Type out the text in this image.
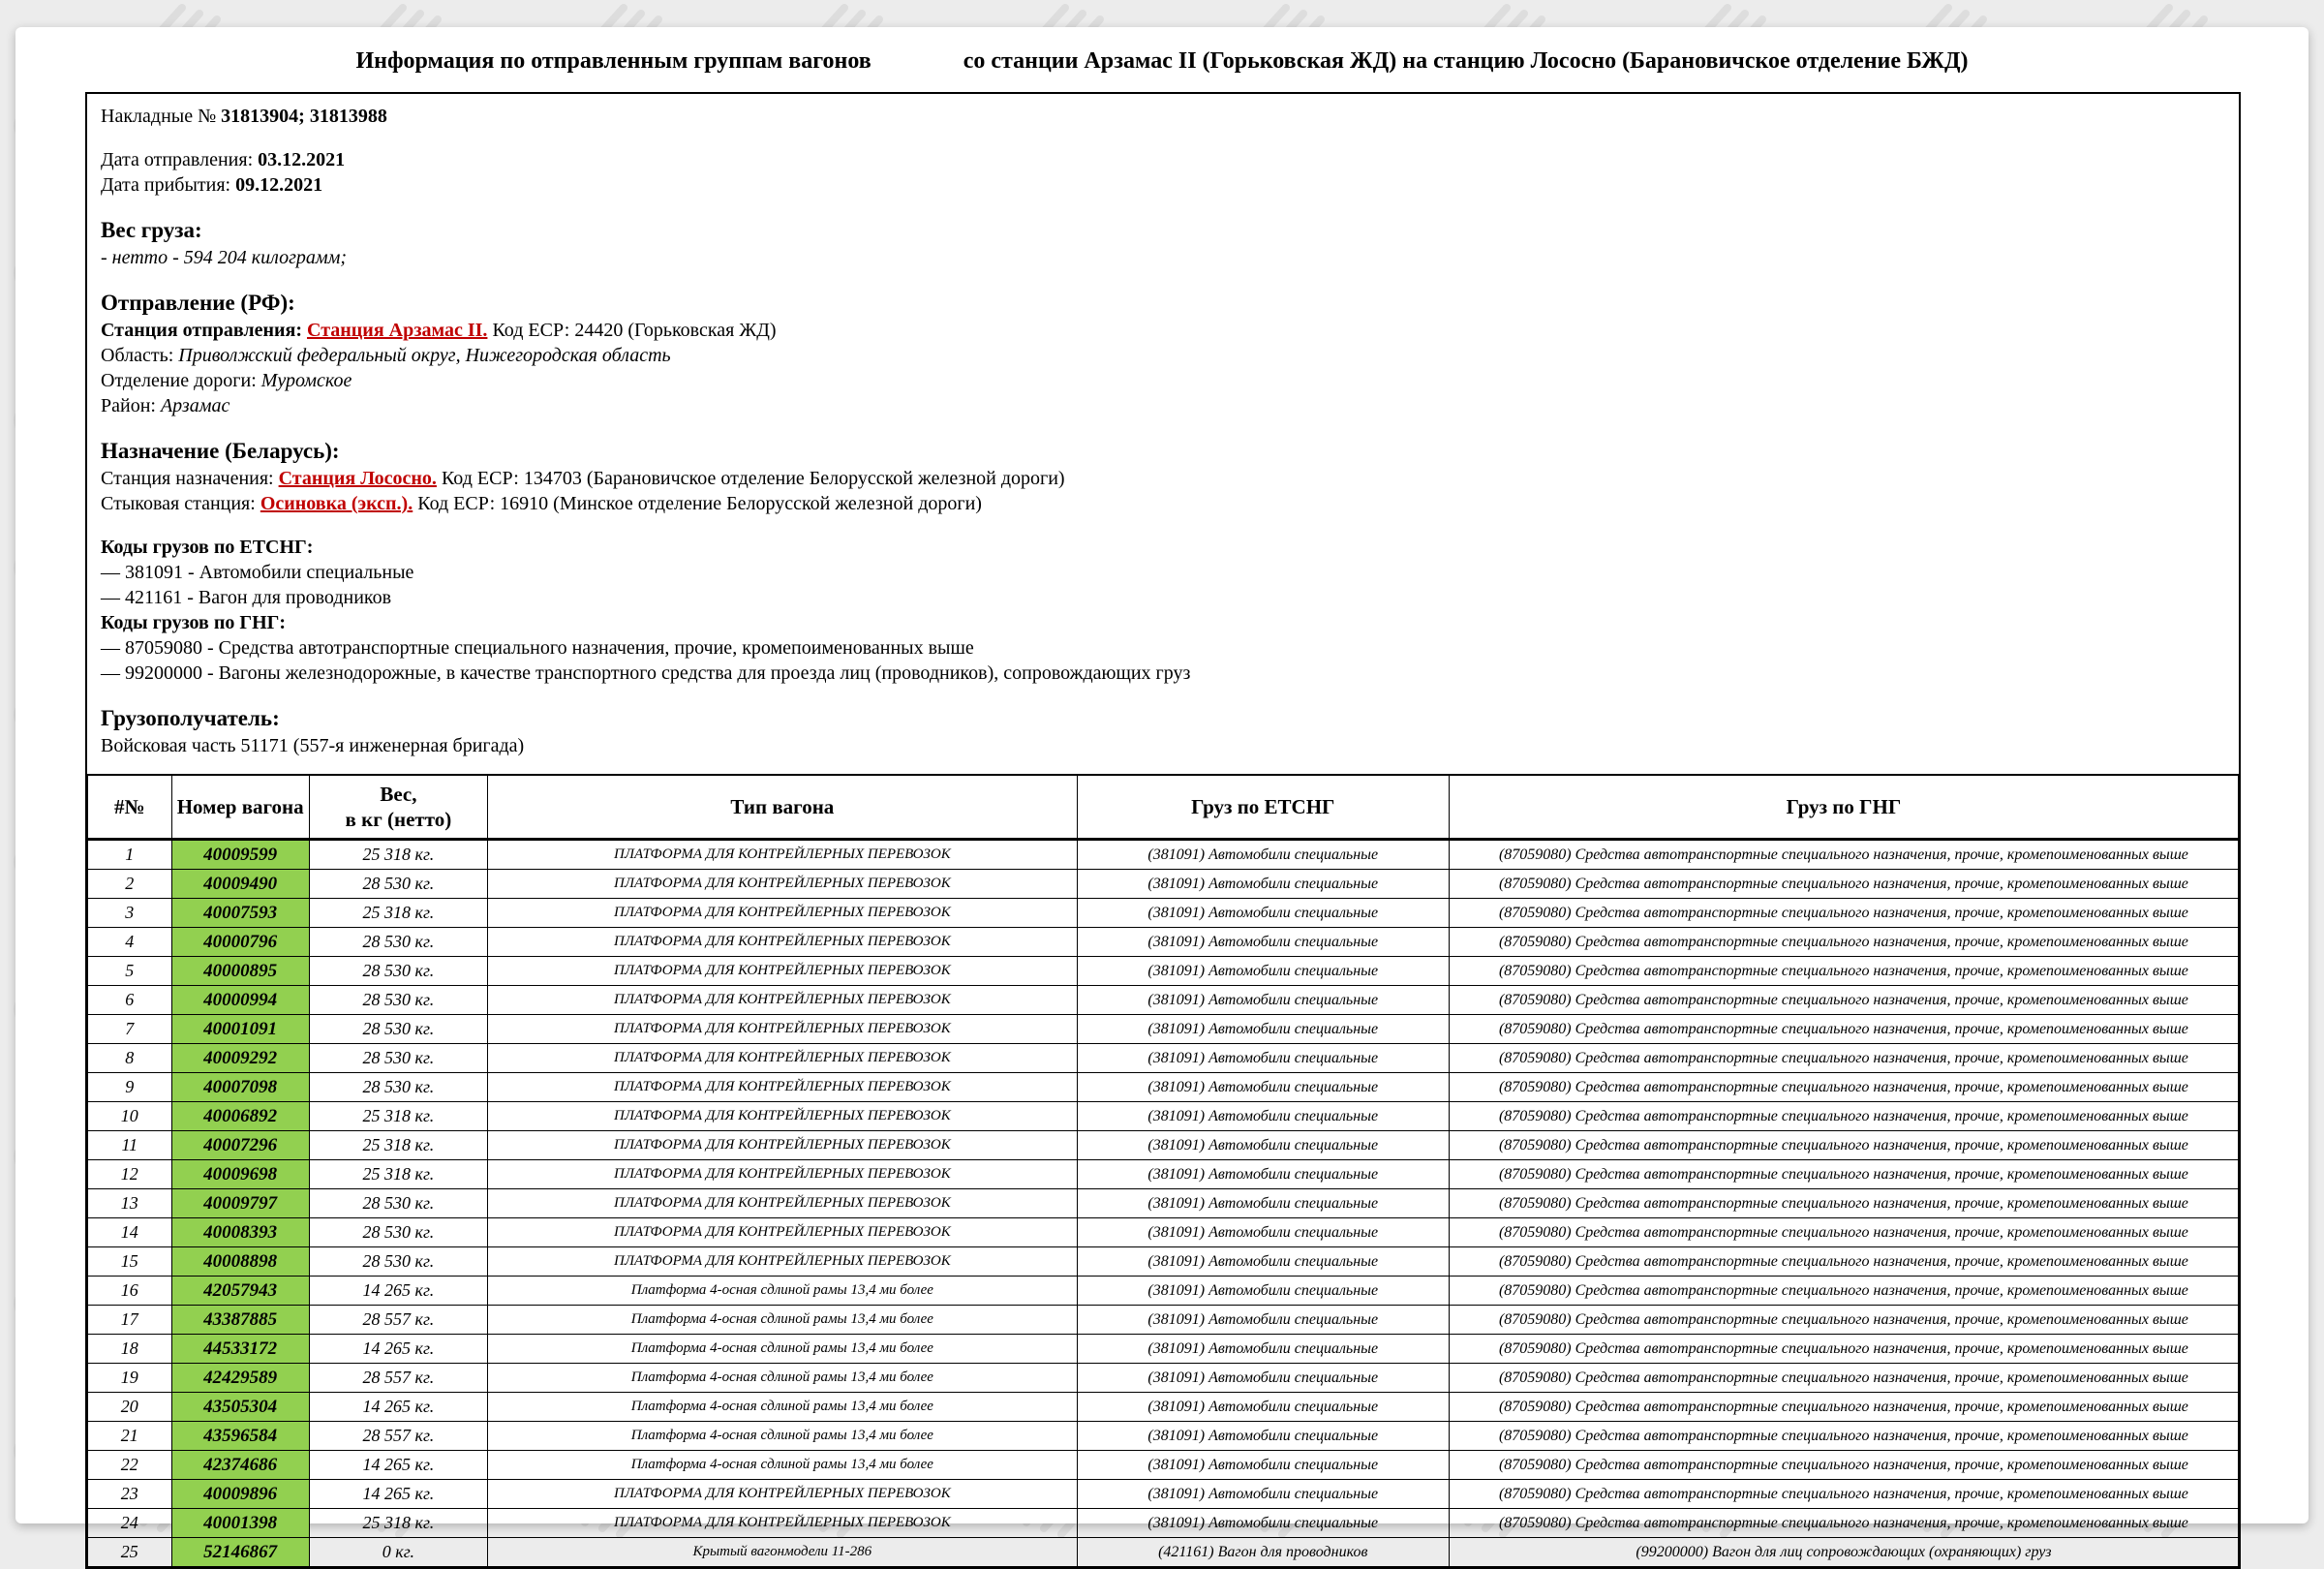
Информация по отправленным группам вагонов	со станции Арзамас II (Горьковская ЖД) на станцию Лососно (Барановичское отделение БЖД)

Накладные № 31813904; 31813988

Дата отправления: 03.12.2021

Дата прибытия: 09.12.2021

Вес груза:

- нетто - 594 204 килограмм;

Отправление (РФ):

Станция отправления: Станция Арзамас II. Код ЕСР: 24420 (Горьковская ЖД)

Область: Приволжский федеральный округ, Нижегородская область

Отделение дороги: Муромское

Район: Арзамас

Назначение (Беларусь):

Станция назначения: Станция Лососно. Код ЕСР: 134703 (Барановичское отделение Белорусской железной дороги)

Стыковая станция: Осиновка (эксп.). Код ЕСР: 16910 (Минское отделение Белорусской железной дороги)

Коды грузов по ЕТСНГ:

— 381091 - Автомобили специальные

— 421161 - Вагон для проводников

Коды грузов по ГНГ:

— 87059080 - Средства автотранспортные специального назначения, прочие, кромепоименованных выше

— 99200000 - Вагоны железнодорожные, в качестве транспортного средства для проезда лиц (проводников), сопровождающих груз

Грузополучатель:

Войсковая часть 51171 (557-я инженерная бригада)

#№	Номер вагона	Вес,
в кг (нетто)	Тип вагона	Груз по ЕТСНГ	Груз по ГНГ
1	40009599	25 318 кг.	ПЛАТФОРМА ДЛЯ КОНТРЕЙЛЕРНЫХ ПЕРЕВОЗОК	(381091) Автомобили специальные	(87059080) Средства автотранспортные специального назначения, прочие, кромепоименованных выше
2	40009490	28 530 кг.	ПЛАТФОРМА ДЛЯ КОНТРЕЙЛЕРНЫХ ПЕРЕВОЗОК	(381091) Автомобили специальные	(87059080) Средства автотранспортные специального назначения, прочие, кромепоименованных выше
3	40007593	25 318 кг.	ПЛАТФОРМА ДЛЯ КОНТРЕЙЛЕРНЫХ ПЕРЕВОЗОК	(381091) Автомобили специальные	(87059080) Средства автотранспортные специального назначения, прочие, кромепоименованных выше
4	40000796	28 530 кг.	ПЛАТФОРМА ДЛЯ КОНТРЕЙЛЕРНЫХ ПЕРЕВОЗОК	(381091) Автомобили специальные	(87059080) Средства автотранспортные специального назначения, прочие, кромепоименованных выше
5	40000895	28 530 кг.	ПЛАТФОРМА ДЛЯ КОНТРЕЙЛЕРНЫХ ПЕРЕВОЗОК	(381091) Автомобили специальные	(87059080) Средства автотранспортные специального назначения, прочие, кромепоименованных выше
6	40000994	28 530 кг.	ПЛАТФОРМА ДЛЯ КОНТРЕЙЛЕРНЫХ ПЕРЕВОЗОК	(381091) Автомобили специальные	(87059080) Средства автотранспортные специального назначения, прочие, кромепоименованных выше
7	40001091	28 530 кг.	ПЛАТФОРМА ДЛЯ КОНТРЕЙЛЕРНЫХ ПЕРЕВОЗОК	(381091) Автомобили специальные	(87059080) Средства автотранспортные специального назначения, прочие, кромепоименованных выше
8	40009292	28 530 кг.	ПЛАТФОРМА ДЛЯ КОНТРЕЙЛЕРНЫХ ПЕРЕВОЗОК	(381091) Автомобили специальные	(87059080) Средства автотранспортные специального назначения, прочие, кромепоименованных выше
9	40007098	28 530 кг.	ПЛАТФОРМА ДЛЯ КОНТРЕЙЛЕРНЫХ ПЕРЕВОЗОК	(381091) Автомобили специальные	(87059080) Средства автотранспортные специального назначения, прочие, кромепоименованных выше
10	40006892	25 318 кг.	ПЛАТФОРМА ДЛЯ КОНТРЕЙЛЕРНЫХ ПЕРЕВОЗОК	(381091) Автомобили специальные	(87059080) Средства автотранспортные специального назначения, прочие, кромепоименованных выше
11	40007296	25 318 кг.	ПЛАТФОРМА ДЛЯ КОНТРЕЙЛЕРНЫХ ПЕРЕВОЗОК	(381091) Автомобили специальные	(87059080) Средства автотранспортные специального назначения, прочие, кромепоименованных выше
12	40009698	25 318 кг.	ПЛАТФОРМА ДЛЯ КОНТРЕЙЛЕРНЫХ ПЕРЕВОЗОК	(381091) Автомобили специальные	(87059080) Средства автотранспортные специального назначения, прочие, кромепоименованных выше
13	40009797	28 530 кг.	ПЛАТФОРМА ДЛЯ КОНТРЕЙЛЕРНЫХ ПЕРЕВОЗОК	(381091) Автомобили специальные	(87059080) Средства автотранспортные специального назначения, прочие, кромепоименованных выше
14	40008393	28 530 кг.	ПЛАТФОРМА ДЛЯ КОНТРЕЙЛЕРНЫХ ПЕРЕВОЗОК	(381091) Автомобили специальные	(87059080) Средства автотранспортные специального назначения, прочие, кромепоименованных выше
15	40008898	28 530 кг.	ПЛАТФОРМА ДЛЯ КОНТРЕЙЛЕРНЫХ ПЕРЕВОЗОК	(381091) Автомобили специальные	(87059080) Средства автотранспортные специального назначения, прочие, кромепоименованных выше
16	42057943	14 265 кг.	Платформа 4-осная сдлиной рамы 13,4 ми более	(381091) Автомобили специальные	(87059080) Средства автотранспортные специального назначения, прочие, кромепоименованных выше
17	43387885	28 557 кг.	Платформа 4-осная сдлиной рамы 13,4 ми более	(381091) Автомобили специальные	(87059080) Средства автотранспортные специального назначения, прочие, кромепоименованных выше
18	44533172	14 265 кг.	Платформа 4-осная сдлиной рамы 13,4 ми более	(381091) Автомобили специальные	(87059080) Средства автотранспортные специального назначения, прочие, кромепоименованных выше
19	42429589	28 557 кг.	Платформа 4-осная сдлиной рамы 13,4 ми более	(381091) Автомобили специальные	(87059080) Средства автотранспортные специального назначения, прочие, кромепоименованных выше
20	43505304	14 265 кг.	Платформа 4-осная сдлиной рамы 13,4 ми более	(381091) Автомобили специальные	(87059080) Средства автотранспортные специального назначения, прочие, кромепоименованных выше
21	43596584	28 557 кг.	Платформа 4-осная сдлиной рамы 13,4 ми более	(381091) Автомобили специальные	(87059080) Средства автотранспортные специального назначения, прочие, кромепоименованных выше
22	42374686	14 265 кг.	Платформа 4-осная сдлиной рамы 13,4 ми более	(381091) Автомобили специальные	(87059080) Средства автотранспортные специального назначения, прочие, кромепоименованных выше
23	40009896	14 265 кг.	ПЛАТФОРМА ДЛЯ КОНТРЕЙЛЕРНЫХ ПЕРЕВОЗОК	(381091) Автомобили специальные	(87059080) Средства автотранспортные специального назначения, прочие, кромепоименованных выше
24	40001398	25 318 кг.	ПЛАТФОРМА ДЛЯ КОНТРЕЙЛЕРНЫХ ПЕРЕВОЗОК	(381091) Автомобили специальные	(87059080) Средства автотранспортные специального назначения, прочие, кромепоименованных выше
25	52146867	0 кг.	Крытый вагонмодели 11-286	(421161) Вагон для проводников	(99200000) Вагон для лиц сопровождающих (охраняющих) груз
